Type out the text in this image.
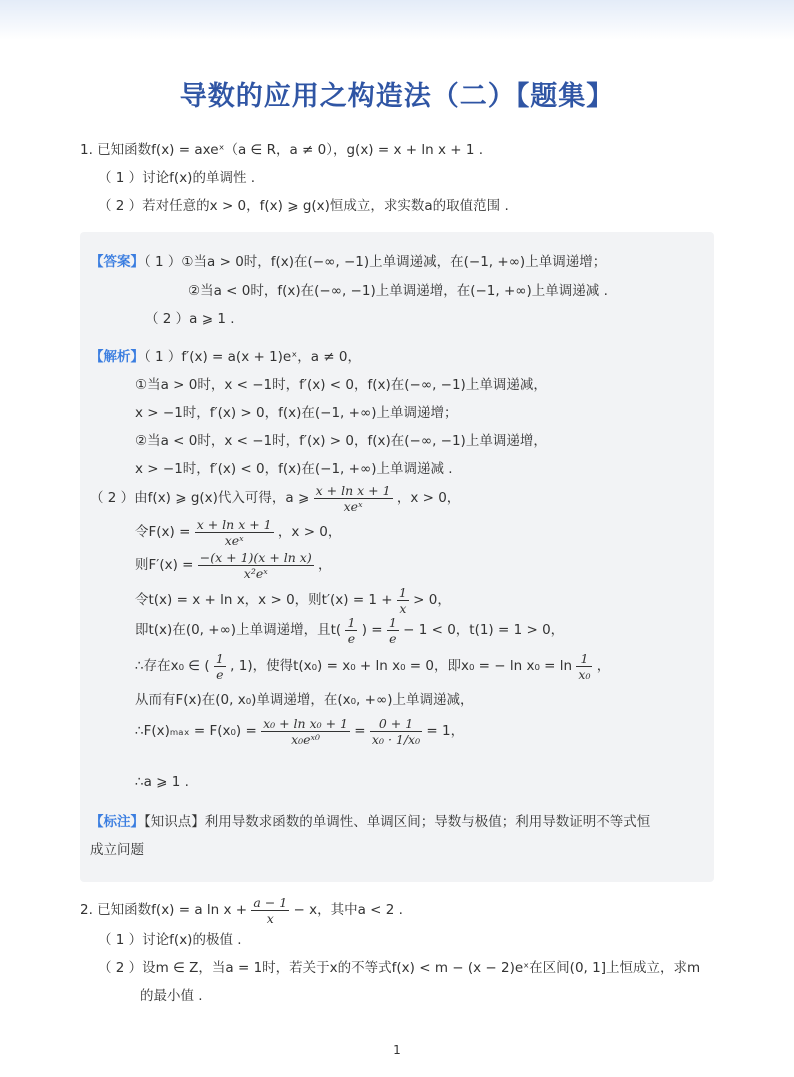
导数的应用之构造法（二）【题集】
1. 已知函数f(x) = axeˣ（a ∈ R，a ≠ 0），g(x) = x + ln x + 1 .
（ 1 ）讨论f(x)的单调性 .
（ 2 ）若对任意的x > 0，f(x) ⩾ g(x)恒成立，求实数a的取值范围 .
【答案】（ 1 ）①当a > 0时，f(x)在(−∞, −1)上单调递减，在(−1, +∞)上单调递增；
②当a < 0时，f(x)在(−∞, −1)上单调递增，在(−1, +∞)上单调递减 .
（ 2 ）a ⩾ 1 .
【解析】（ 1 ）f′(x) = a(x + 1)eˣ，a ≠ 0，
①当a > 0时，x < −1时，f′(x) < 0，f(x)在(−∞, −1)上单调递减，
x > −1时，f′(x) > 0，f(x)在(−1, +∞)上单调递增；
②当a < 0时，x < −1时，f′(x) > 0，f(x)在(−∞, −1)上单调递增，
x > −1时，f′(x) < 0，f(x)在(−1, +∞)上单调递减 .
（ 2 ）由f(x) ⩾ g(x)代入可得，a ⩾ $\frac{\text{x + ln x + 1}}{\text{xeˣ}}$ ，x > 0，
令$F(x) = \frac{\text{x + ln x + 1}}{\text{xeˣ}}$ ，x > 0，
则$F'(x) = \frac{\text{−(x + 1)(x + ln x)}}{\text{x²eˣ}}$ ，
令t(x) = x + ln x，x > 0，则$t'(x) = 1 + \frac{1}{x} > 0$，
即t(x)在(0, +∞)上单调递增，且$t( \frac{1}{e}$ ) = $\frac{1}{e} - 1 < 0$，t(1) = 1 > 0，
∴存在x₀ ∈ ( $\frac{1}{e}$ , 1)，使得t(x₀) = x₀ + ln x₀ = 0，即x₀ = − $\ln x_0 = \ln \frac{1}{\text{x₀}}$ ，
从而有F(x)在(0, x₀)单调递增，在(x₀, +∞)上单调递减，
∴F(x)ₘₐₓ = $F(x_0) = \frac{\text{x₀ + ln x₀ + 1}}{\text{x₀eˣ⁰}} = \frac{0 + 1}{\text{x₀ · 1/x₀}} = 1$，
∴a ⩾ 1 .
【标注】【知识点】利用导数求函数的单调性、单调区间；导数与极值；利用导数证明不等式恒
成立问题
2. 已知函数f(x) = a $\ln x + \frac{a - 1}{x} - x$，其中a < 2 .
（ 1 ）讨论f(x)的极值 .
（ 2 ）设m ∈ Z，当a = 1时，若关于x的不等式f(x) < m − (x − 2)eˣ在区间(0, 1]上恒成立，求m
的最小值 .
1
